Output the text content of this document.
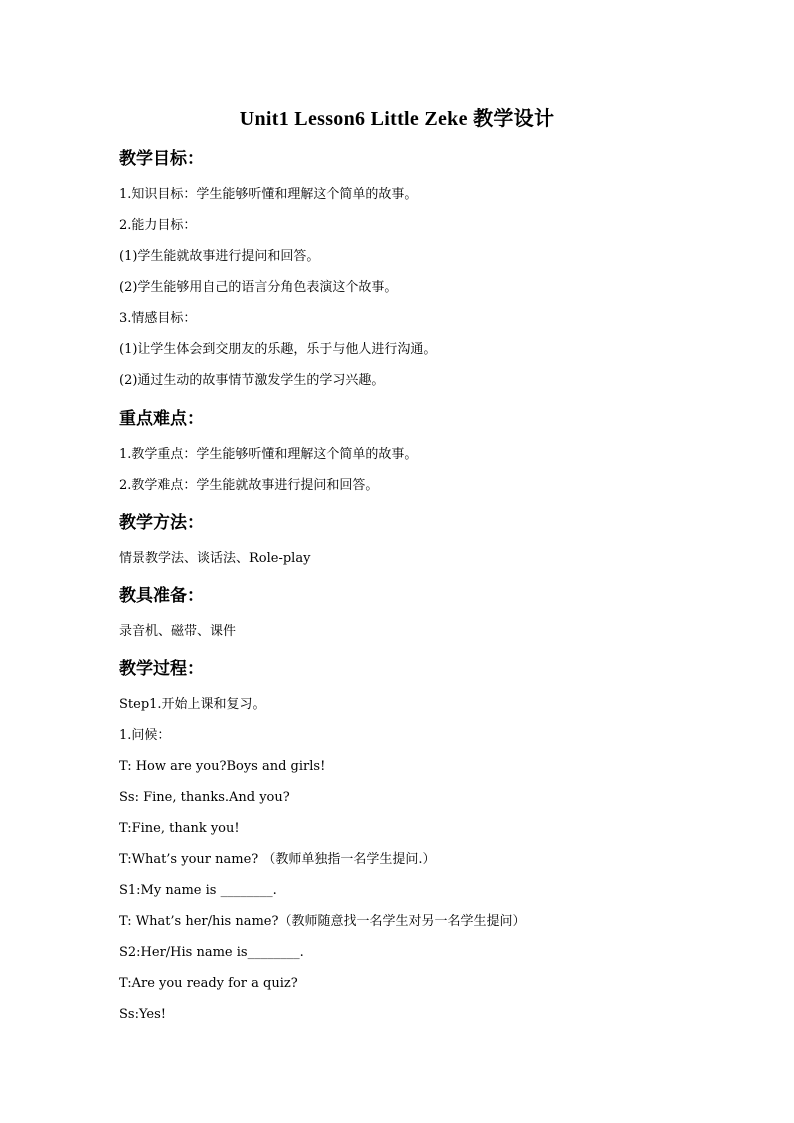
Unit1 Lesson6 Little Zeke 教学设计
教学目标：
1.知识目标：学生能够听懂和理解这个简单的故事。
2.能力目标：
(1)学生能就故事进行提问和回答。
(2)学生能够用自己的语言分角色表演这个故事。
3.情感目标：
(1)让学生体会到交朋友的乐趣，乐于与他人进行沟通。
(2)通过生动的故事情节激发学生的学习兴趣。
重点难点：
1.教学重点：学生能够听懂和理解这个简单的故事。
2.教学难点：学生能就故事进行提问和回答。
教学方法：
情景教学法、谈话法、Role-play
教具准备：
录音机、磁带、课件
教学过程：
Step1.开始上课和复习。
1.问候：
T: How are you?Boys and girls!
Ss: Fine, thanks.And you?
T:Fine, thank you!
T:What’s your name? （教师单独指一名学生提问.）
S1:My name is ________.
T: What’s her/his name?（教师随意找一名学生对另一名学生提问）
S2:Her/His name is________.
T:Are you ready for a quiz?
Ss:Yes!
